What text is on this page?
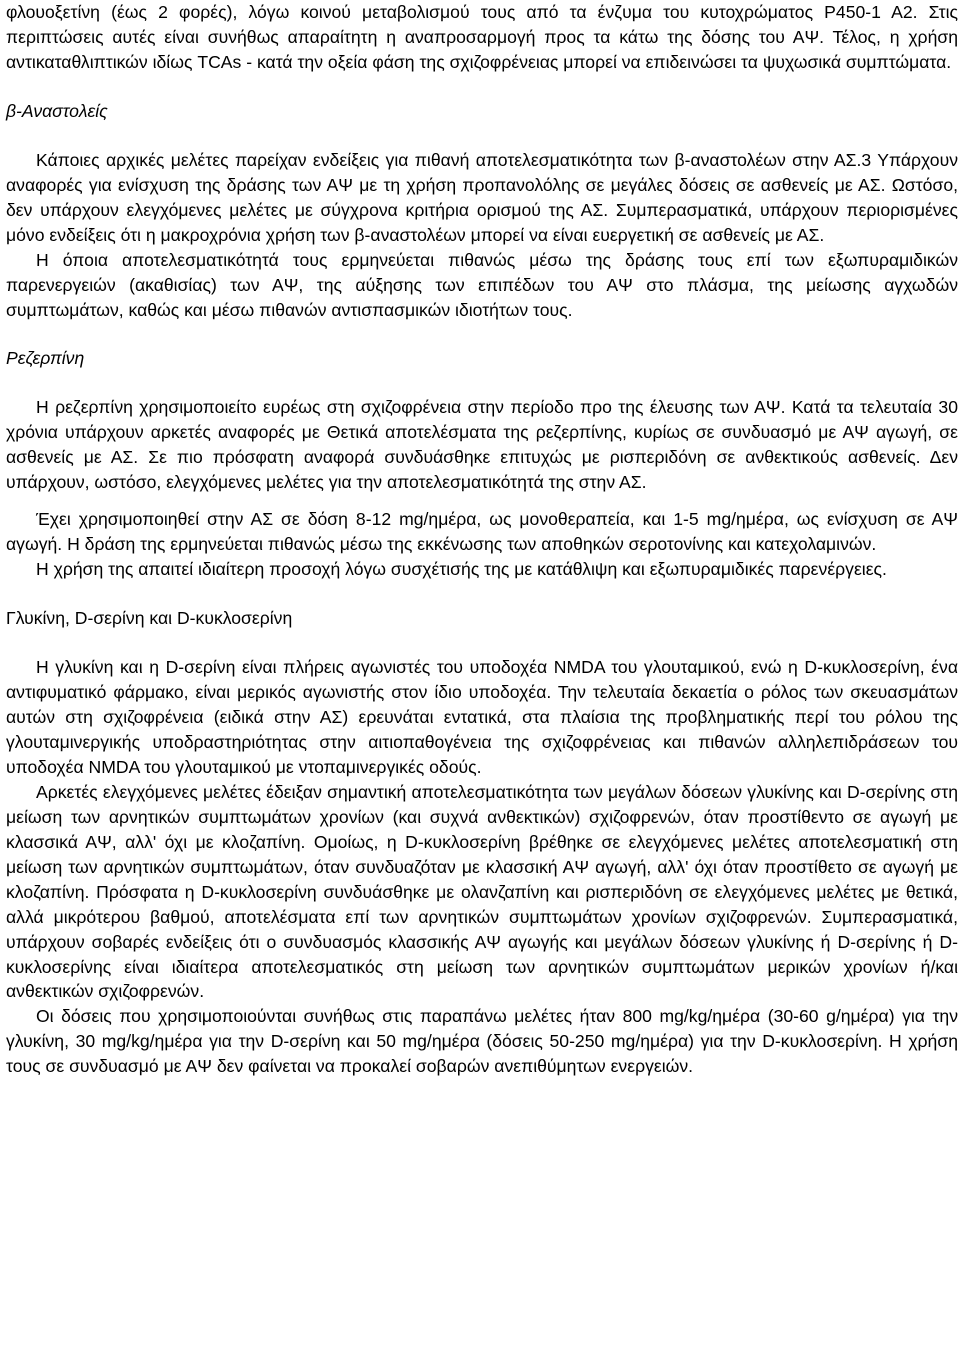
φλουοξετίνη (έως 2 φορές), λόγω κοινού μεταβολισμού τους από τα ένζυμα του κυτοχρώματος P450-1 A2. Στις περιπτώσεις αυτές είναι συνήθως απαραίτητη η αναπροσαρμογή προς τα κάτω της δόσης του ΑΨ. Τέλος, η χρήση αντικαταθλιπτικών ιδίως TCAs - κατά την οξεία φάση της σχιζοφρένειας μπορεί να επιδεινώσει τα ψυχωσικά συμπτώματα.

β-Αναστολείς

Κάποιες αρχικές μελέτες παρείχαν ενδείξεις για πιθανή αποτελεσματικότητα των β-αναστολέων στην ΑΣ.3 Υπάρχουν αναφορές για ενίσχυση της δράσης των ΑΨ με τη χρήση προπανολόλης σε μεγάλες δόσεις σε ασθενείς με ΑΣ. Ωστόσο, δεν υπάρχουν ελεγχόμενες μελέτες με σύγχρονα κριτήρια ορισμού της ΑΣ. Συμπερασματικά, υπάρχουν περιορισμένες μόνο ενδείξεις ότι η μακροχρόνια χρήση των β-αναστολέων μπορεί να είναι ευεργετική σε ασθενείς με ΑΣ.

Η όποια αποτελεσματικότητά τους ερμηνεύεται πιθανώς μέσω της δράσης τους επί των εξωπυραμιδικών παρενεργειών (ακαθισίας) των ΑΨ, της αύξησης των επιπέδων του ΑΨ στο πλάσμα, της μείωσης αγχωδών συμπτωμάτων, καθώς και μέσω πιθανών αντισπασμικών ιδιοτήτων τους.

Ρεζερπίνη

Η ρεζερπίνη χρησιμοποιείτο ευρέως στη σχιζοφρένεια στην περίοδο προ της έλευσης των ΑΨ. Κατά τα τελευταία 30 χρόνια υπάρχουν αρκετές αναφορές με Θετικά αποτελέσματα της ρεζερπίνης, κυρίως σε συνδυασμό με ΑΨ αγωγή, σε ασθενείς με ΑΣ. Σε πιο πρόσφατη αναφορά συνδυάσθηκε επιτυχώς με ρισπεριδόνη σε ανθεκτικούς ασθενείς. Δεν υπάρχουν, ωστόσο, ελεγχόμενες μελέτες για την αποτελεσματικότητά της στην ΑΣ.

Έχει χρησιμοποιηθεί στην ΑΣ σε δόση 8-12 mg/ημέρα, ως μονοθεραπεία, και 1-5 mg/ημέρα, ως ενίσχυση σε ΑΨ αγωγή. Η δράση της ερμηνεύεται πιθανώς μέσω της εκκένωσης των αποθηκών σεροτονίνης και κατεχολαμινών.

Η χρήση της απαιτεί ιδιαίτερη προσοχή λόγω συσχέτισής της με κατάθλιψη και εξωπυραμιδικές παρενέργειες.

Γλυκίνη, D-σερίνη και D-κυκλοσερίνη

Η γλυκίνη και η D-σερίνη είναι πλήρεις αγωνιστές του υποδοχέα NMDA του γλουταμικού, ενώ η D-κυκλοσερίνη, ένα αντιφυματικό φάρμακο, είναι μερικός αγωνιστής στον ίδιο υποδοχέα. Την τελευταία δεκαετία ο ρόλος των σκευασμάτων αυτών στη σχιζοφρένεια (ειδικά στην ΑΣ) ερευνάται εντατικά, στα πλαίσια της προβληματικής περί του ρόλου της γλουταμινεργικής υποδραστηριότητας στην αιτιοπαθογένεια της σχιζοφρένειας και πιθανών αλληλεπιδράσεων του υποδοχέα NMDA του γλουταμικού με ντοπαμινεργικές οδούς.

Αρκετές ελεγχόμενες μελέτες έδειξαν σημαντική αποτελεσματικότητα των μεγάλων δόσεων γλυκίνης και D-σερίνης στη μείωση των αρνητικών συμπτωμάτων χρονίων (και συχνά ανθεκτικών) σχιζοφρενών, όταν προστίθεντο σε αγωγή με κλασσικά ΑΨ, αλλ' όχι με κλοζαπίνη. Ομοίως, η D-κυκλοσερίνη βρέθηκε σε ελεγχόμενες μελέτες αποτελεσματική στη μείωση των αρνητικών συμπτωμάτων, όταν συνδυαζόταν με κλασσική ΑΨ αγωγή, αλλ' όχι όταν προστίθετο σε αγωγή με κλοζαπίνη. Πρόσφατα η D-κυκλοσερίνη συνδυάσθηκε με ολανζαπίνη και ρισπεριδόνη σε ελεγχόμενες μελέτες με θετικά, αλλά μικρότερου βαθμού, αποτελέσματα επί των αρνητικών συμπτωμάτων χρονίων σχιζοφρενών. Συμπερασματικά, υπάρχουν σοβαρές ενδείξεις ότι ο συνδυασμός κλασσικής ΑΨ αγωγής και μεγάλων δόσεων γλυκίνης ή D-σερίνης ή D-κυκλοσερίνης είναι ιδιαίτερα αποτελεσματικός στη μείωση των αρνητικών συμπτωμάτων μερικών χρονίων ή/και ανθεκτικών σχιζοφρενών.

Οι δόσεις που χρησιμοποιούνται συνήθως στις παραπάνω μελέτες ήταν 800 mg/kg/ημέρα (30-60 g/ημέρα) για την γλυκίνη, 30 mg/kg/ημέρα για την D-σερίνη και 50 mg/ημέρα (δόσεις 50-250 mg/ημέρα) για την D-κυκλοσερίνη. Η χρήση τους σε συνδυασμό με ΑΨ δεν φαίνεται να προκαλεί σοβαρών ανεπιθύμητων ενεργειών.
